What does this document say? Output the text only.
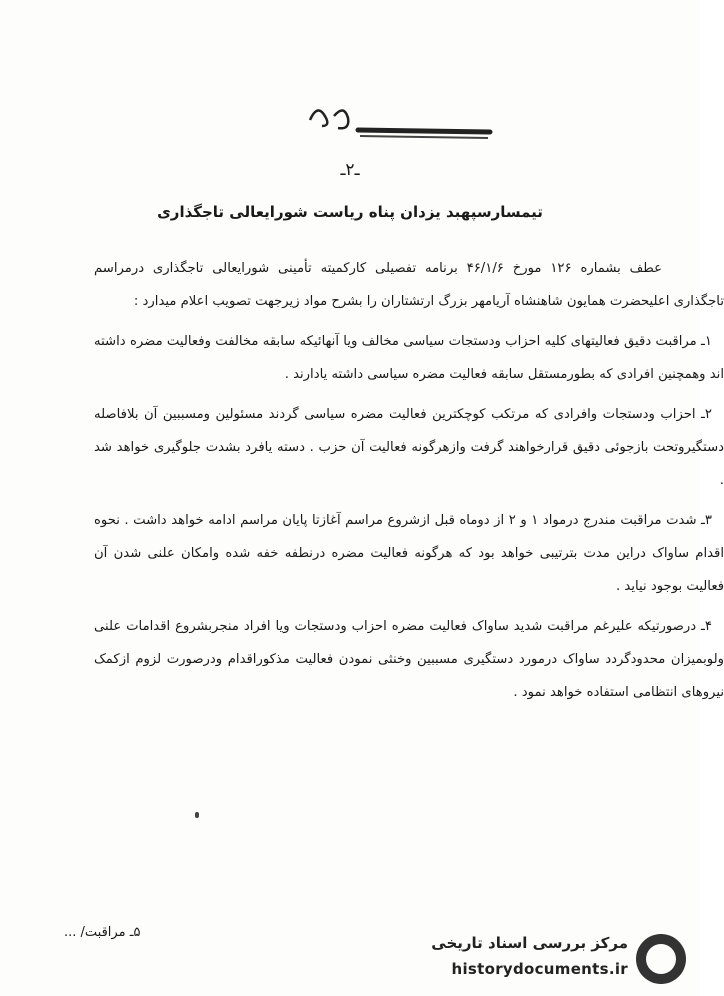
ـ۲ـ
تیمسارسپهبد یزدان پناه ریاست شورایعالی تاجگذاری

عطف بشماره ۱۲۶ مورخ ۴۶/۱/۶ برنامه تفصیلی کارکمیته تأمینی شورایعالی تاجگذاری درمراسم تاجگذاری اعلیحضرت همایون شاهنشاه آریامهر بزرگ ارتشتاران را بشرح مواد زیرجهت تصویب اعلام میدارد :

۱ـ مراقبت دقیق فعالیتهای کلیه احزاب ودستجات سیاسی مخالف ویا آنهائیکه سابقه مخالفت وفعالیت مضره داشته اند وهمچنین افرادی که بطورمستقل سابقه فعالیت مضره سیاسی داشته یادارند .

۲ـ احزاب ودستجات وافرادی که مرتکب کوچکترین فعالیت مضره سیاسی گردند مسئولین ومسببین آن بلافاصله دستگیروتحت بازجوئی دقیق قرارخواهند گرفت وازهرگونه فعالیت آن حزب . دسته یافرد بشدت جلوگیری خواهد شد .

۳ـ شدت مراقبت مندرج درمواد ۱ و ۲ از دوماه قبل ازشروع مراسم آغازتا پایان مراسم ادامه خواهد داشت . نحوه اقدام ساواک دراین مدت بترتیبی خواهد بود که هرگونه فعالیت مضره درنطفه خفه شده وامکان علنی شدن آن فعالیت بوجود نیاید .

۴ـ درصورتیکه علیرغم مراقبت شدید ساواک فعالیت مضره احزاب ودستجات ویا افراد منجربشروع اقدامات علنی ولوبمیزان محدودگردد ساواک درمورد دستگیری مسببین وخنثی نمودن فعالیت مذکوراقدام ودرصورت لزوم ازکمک نیروهای انتظامی استفاده خواهد نمود .

۵ـ مراقبت/ ...
مرکز بررسی اسناد تاریخی
historydocuments.ir
